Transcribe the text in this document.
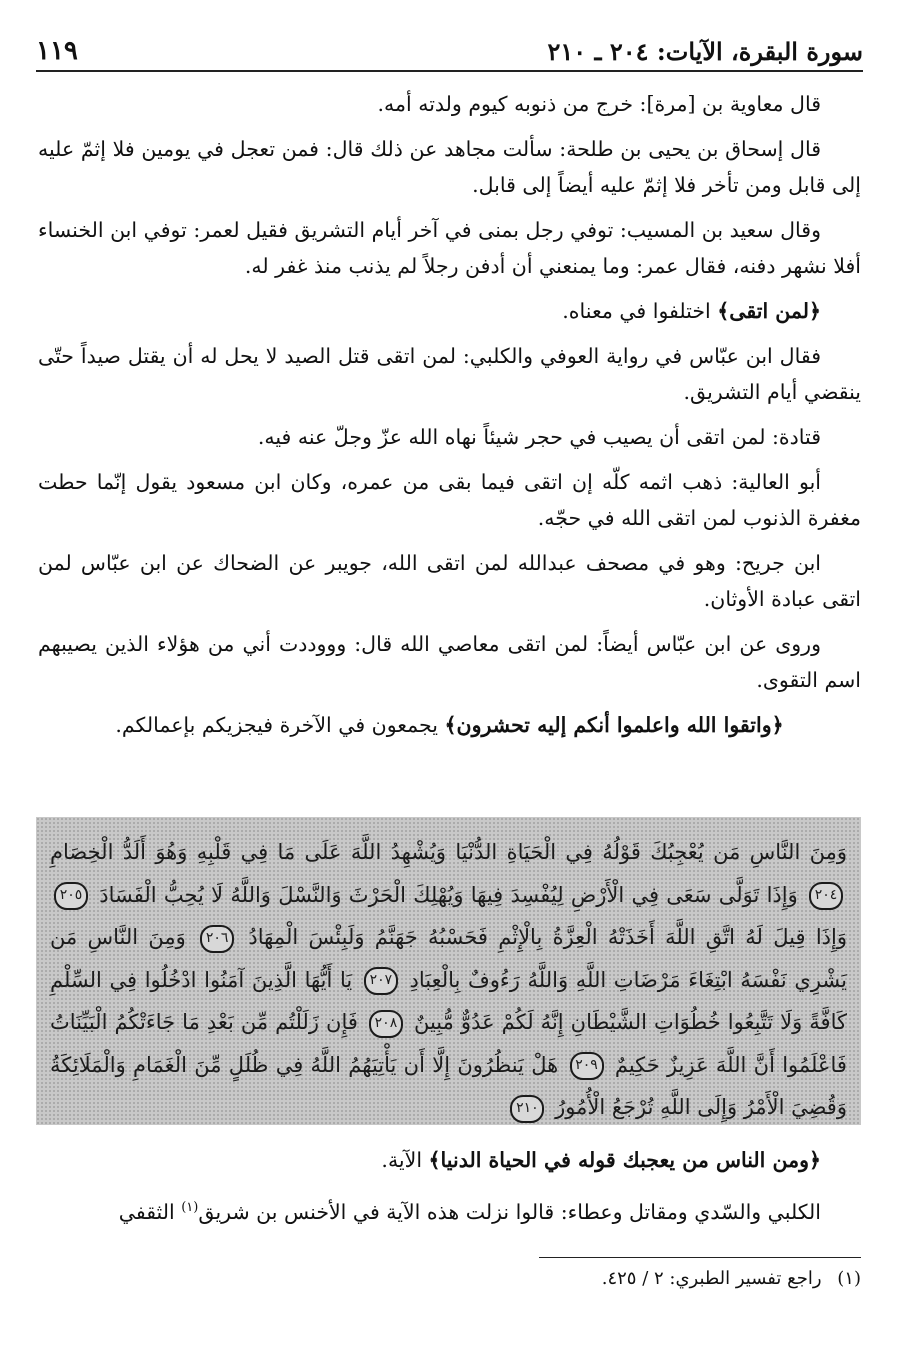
سورة البقرة، الآيات: ٢٠٤ ـ ٢١٠
١١٩

قال معاوية بن [مرة]: خرج من ذنوبه كيوم ولدته أمه.

قال إسحاق بن يحيى بن طلحة: سألت مجاهد عن ذلك قال: فمن تعجل في يومين فلا إثمّ عليه إلى قابل ومن تأخر فلا إثمّ عليه أيضاً إلى قابل.

وقال سعيد بن المسيب: توفي رجل بمنى في آخر أيام التشريق فقيل لعمر: توفي ابن الخنساء أفلا نشهر دفنه، فقال عمر: وما يمنعني أن أدفن رجلاً لم يذنب منذ غفر له.

﴿لمن اتقى﴾ اختلفوا في معناه.

فقال ابن عبّاس في رواية العوفي والكلبي: لمن اتقى قتل الصيد لا يحل له أن يقتل صيداً حتّى ينقضي أيام التشريق.

قتادة: لمن اتقى أن يصيب في حجر شيئاً نهاه الله عزّ وجلّ عنه فيه.

أبو العالية: ذهب اثمه كلّه إن اتقى فيما بقى من عمره، وكان ابن مسعود يقول إنّما حطت مغفرة الذنوب لمن اتقى الله في حجّه.

ابن جريح: وهو في مصحف عبدالله لمن اتقى الله، جويبر عن الضحاك عن ابن عبّاس لمن اتقى عبادة الأوثان.

وروى عن ابن عبّاس أيضاً: لمن اتقى معاصي الله قال: وووددت أني من هؤلاء الذين يصيبهم اسم التقوى.

﴿واتقوا الله واعلموا أنكم إليه تحشرون﴾ يجمعون في الآخرة فيجزيكم بإعمالكم.

وَمِنَ النَّاسِ مَن يُعْجِبُكَ قَوْلُهُ فِي الْحَيَاةِ الدُّنْيَا وَيُشْهِدُ اللَّهَ عَلَى مَا فِي قَلْبِهِ وَهُوَ أَلَدُّ الْخِصَامِ ٢٠٤ وَإِذَا تَوَلَّى سَعَى فِي الْأَرْضِ لِيُفْسِدَ فِيهَا وَيُهْلِكَ الْحَرْثَ وَالنَّسْلَ وَاللَّهُ لَا يُحِبُّ الْفَسَادَ ٢٠٥ وَإِذَا قِيلَ لَهُ اتَّقِ اللَّهَ أَخَذَتْهُ الْعِزَّةُ بِالْإِثْمِ فَحَسْبُهُ جَهَنَّمُ وَلَبِئْسَ الْمِهَادُ ٢٠٦ وَمِنَ النَّاسِ مَن يَشْرِي نَفْسَهُ ابْتِغَاءَ مَرْضَاتِ اللَّهِ وَاللَّهُ رَءُوفٌ بِالْعِبَادِ ٢٠٧ يَا أَيُّهَا الَّذِينَ آمَنُوا ادْخُلُوا فِي السِّلْمِ كَافَّةً وَلَا تَتَّبِعُوا خُطُوَاتِ الشَّيْطَانِ إِنَّهُ لَكُمْ عَدُوٌّ مُّبِينٌ ٢٠٨ فَإِن زَلَلْتُم مِّن بَعْدِ مَا جَاءَتْكُمُ الْبَيِّنَاتُ فَاعْلَمُوا أَنَّ اللَّهَ عَزِيزٌ حَكِيمٌ ٢٠٩ هَلْ يَنظُرُونَ إِلَّا أَن يَأْتِيَهُمُ اللَّهُ فِي ظُلَلٍ مِّنَ الْغَمَامِ وَالْمَلَائِكَةُ وَقُضِيَ الْأَمْرُ وَإِلَى اللَّهِ تُرْجَعُ الْأُمُورُ ٢١٠

﴿ومن الناس من يعجبك قوله في الحياة الدنيا﴾ الآية.

الكلبي والسّدي ومقاتل وعطاء: قالوا نزلت هذه الآية في الأخنس بن شريق$^{(١)}$ الثقفي

(١) راجع تفسير الطبري: ٢ / ٤٢٥.
